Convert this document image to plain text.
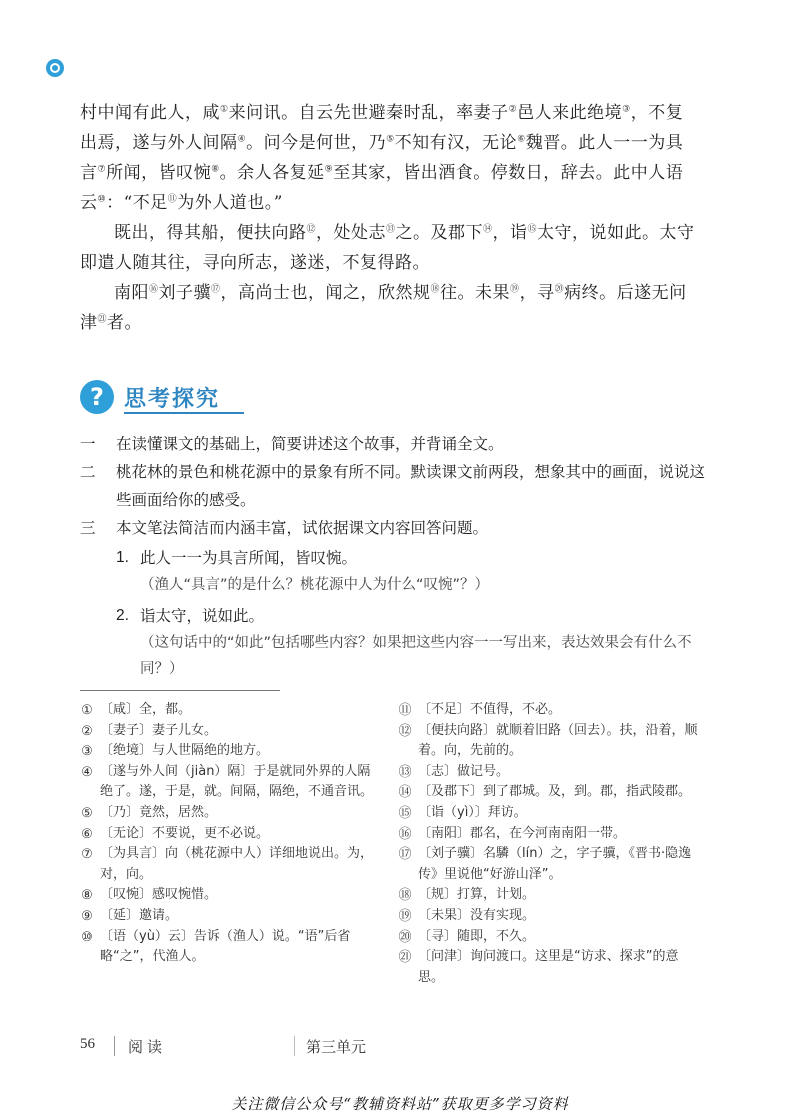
村中闻有此人，咸①来问讯。自云先世避秦时乱，率妻子②邑人来此绝境③，不复出焉，遂与外人间隔④。问今是何世，乃⑤不知有汉，无论⑥魏晋。此人一一为具言⑦所闻，皆叹惋⑧。余人各复延⑨至其家，皆出酒食。停数日，辞去。此中人语云⑩：“不足⑪为外人道也。”

既出，得其船，便扶向路⑫，处处志⑬之。及郡下⑭，诣⑮太守，说如此。太守即遣人随其往，寻向所志，遂迷，不复得路。

南阳⑯刘子骥⑰，高尚士也，闻之，欣然规⑱往。未果⑲，寻⑳病终。后遂无问津$^㉑$者。

? 思考探究
一 在读懂课文的基础上，简要讲述这个故事，并背诵全文。
二 桃花林的景色和桃花源中的景象有所不同。默读课文前两段，想象其中的画面，说说这些画面给你的感受。
三 本文笔法简洁而内涵丰富，试依据课文内容回答问题。
1. 此人一一为具言所闻，皆叹惋。
（渔人“具言”的是什么？桃花源中人为什么“叹惋”？）
2. 诣太守，说如此。
（这句话中的“如此”包括哪些内容？如果把这些内容一一写出来，表达效果会有什么不同？）
① 〔咸〕全，都。
② 〔妻子〕妻子儿女。
③ 〔绝境〕与人世隔绝的地方。
④ 〔遂与外人间（jiàn）隔〕于是就同外界的人隔绝了。遂，于是，就。间隔，隔绝，不通音讯。
⑤ 〔乃〕竟然，居然。
⑥ 〔无论〕不要说，更不必说。
⑦ 〔为具言〕向（桃花源中人）详细地说出。为，对，向。
⑧ 〔叹惋〕感叹惋惜。
⑨ 〔延〕邀请。
⑩ 〔语（yù）云〕告诉（渔人）说。“语”后省略“之”，代渔人。
⑪ 〔不足〕不值得，不必。
⑫ 〔便扶向路〕就顺着旧路（回去）。扶，沿着，顺着。向，先前的。
⑬ 〔志〕做记号。
⑭ 〔及郡下〕到了郡城。及，到。郡，指武陵郡。
⑮ 〔诣（yì）〕拜访。
⑯ 〔南阳〕郡名，在今河南南阳一带。
⑰ 〔刘子骥〕名驎（lín）之，字子骥，《晋书·隐逸传》里说他“好游山泽”。
⑱ 〔规〕打算，计划。
⑲ 〔未果〕没有实现。
⑳ 〔寻〕随即，不久。
㉑ 〔问津〕询问渡口。这里是“访求、探求”的意思。
56 阅读	第三单元
关注微信公众号“教辅资料站”获取更多学习资料
